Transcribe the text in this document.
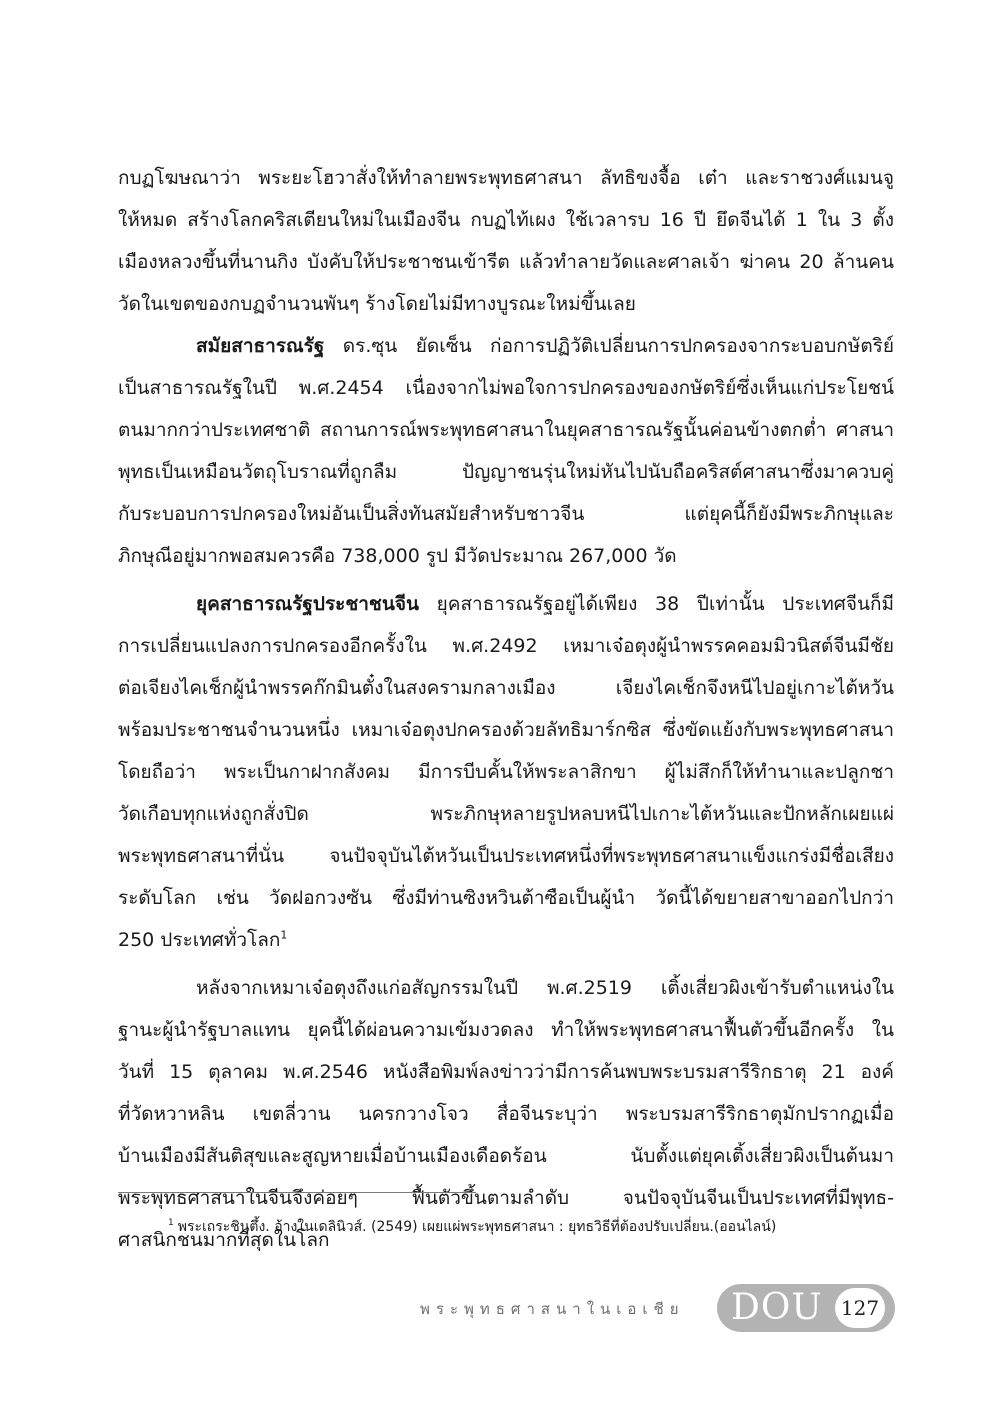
กบฏโฆษณาว่า พระยะโฮวาสั่งให้ทำลายพระพุทธศาสนา ลัทธิขงจื้อ เต๋า และราชวงศ์แมนจู
ให้หมด สร้างโลกคริสเตียนใหม่ในเมืองจีน กบฏไท้เผง ใช้เวลารบ 16 ปี ยึดจีนได้ 1 ใน 3 ตั้ง
เมืองหลวงขึ้นที่นานกิง บังคับให้ประชาชนเข้ารีต แล้วทำลายวัดและศาลเจ้า ฆ่าคน 20 ล้านคน
วัดในเขตของกบฏจำนวนพันๆ ร้างโดยไม่มีทางบูรณะใหม่ขึ้นเลย

สมัยสาธารณรัฐ ดร.ซุน ยัดเซ็น ก่อการปฏิวัติเปลี่ยนการปกครองจากระบอบกษัตริย์
เป็นสาธารณรัฐในปี พ.ศ.2454 เนื่องจากไม่พอใจการปกครองของกษัตริย์ซึ่งเห็นแก่ประโยชน์
ตนมากกว่าประเทศชาติ สถานการณ์พระพุทธศาสนาในยุคสาธารณรัฐนั้นค่อนข้างตกต่ำ ศาสนา
พุทธเป็นเหมือนวัตถุโบราณที่ถูกลืม ปัญญาชนรุ่นใหม่หันไปนับถือคริสต์ศาสนาซึ่งมาควบคู่
กับระบอบการปกครองใหม่อันเป็นสิ่งทันสมัยสำหรับชาวจีน แต่ยุคนี้ก็ยังมีพระภิกษุและ
ภิกษุณีอยู่มากพอสมควรคือ 738,000 รูป มีวัดประมาณ 267,000 วัด

ยุคสาธารณรัฐประชาชนจีน ยุคสาธารณรัฐอยู่ได้เพียง 38 ปีเท่านั้น ประเทศจีนก็มี
การเปลี่ยนแปลงการปกครองอีกครั้งใน พ.ศ.2492 เหมาเจ๋อตุงผู้นำพรรคคอมมิวนิสต์จีนมีชัย
ต่อเจียงไคเช็กผู้นำพรรคก๊กมินตั๋งในสงครามกลางเมือง เจียงไคเช็กจึงหนีไปอยู่เกาะไต้หวัน
พร้อมประชาชนจำนวนหนึ่ง เหมาเจ๋อตุงปกครองด้วยลัทธิมาร์กซิส ซึ่งขัดแย้งกับพระพุทธศาสนา
โดยถือว่า พระเป็นกาฝากสังคม มีการบีบคั้นให้พระลาสิกขา ผู้ไม่สึกก็ให้ทำนาและปลูกชา
วัดเกือบทุกแห่งถูกสั่งปิด พระภิกษุหลายรูปหลบหนีไปเกาะไต้หวันและปักหลักเผยแผ่
พระพุทธศาสนาที่นั่น จนปัจจุบันไต้หวันเป็นประเทศหนึ่งที่พระพุทธศาสนาแข็งแกร่งมีชื่อเสียง
ระดับโลก เช่น วัดฝอกวงซัน ซึ่งมีท่านซิงหวินต้าซือเป็นผู้นำ วัดนี้ได้ขยายสาขาออกไปกว่า
250 ประเทศทั่วโลก$^1$

หลังจากเหมาเจ๋อตุงถึงแก่อสัญกรรมในปี พ.ศ.2519 เติ้งเสี่ยวผิงเข้ารับตำแหน่งใน
ฐานะผู้นำรัฐบาลแทน ยุคนี้ได้ผ่อนความเข้มงวดลง ทำให้พระพุทธศาสนาฟื้นตัวขึ้นอีกครั้ง ใน
วันที่ 15 ตุลาคม พ.ศ.2546 หนังสือพิมพ์ลงข่าวว่ามีการค้นพบพระบรมสารีริกธาตุ 21 องค์
ที่วัดหวาหลิน เขตลี่วาน นครกวางโจว สื่อจีนระบุว่า พระบรมสารีริกธาตุมักปรากฏเมื่อ
บ้านเมืองมีสันติสุขและสูญหายเมื่อบ้านเมืองเดือดร้อน นับตั้งแต่ยุคเติ้งเสี่ยวผิงเป็นต้นมา
พระพุทธศาสนาในจีนจึงค่อยๆ ฟื้นตัวขึ้นตามลำดับ จนปัจจุบันจีนเป็นประเทศที่มีพุทธ-
ศาสนิกชนมากที่สุดในโลก

$^1$ พระเถระชินตึ้ง. อ้างในเดลินิวส์. (2549) เผยแผ่พระพุทธศาสนา : ยุทธวิธีที่ต้องปรับเปลี่ยน.(ออนไลน์)
พระพุทธศาสนาในเอเชีย DOU 127
